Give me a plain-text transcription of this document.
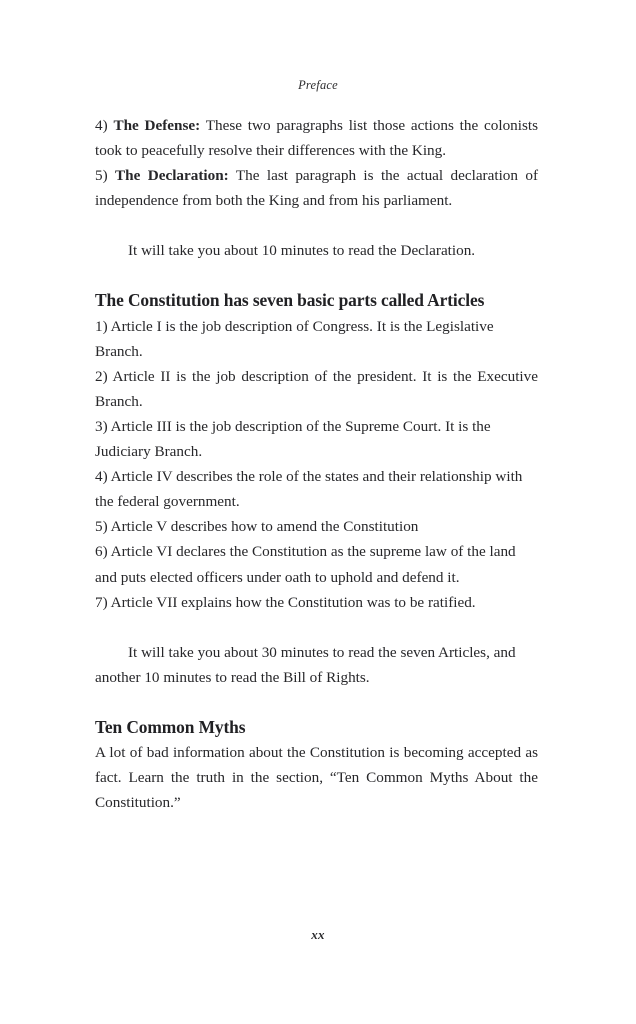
Preface

4) The Defense: These two paragraphs list those actions the colonists took to peacefully resolve their differences with the King.

5) The Declaration: The last paragraph is the actual declaration of independence from both the King and from his parliament.

It will take you about 10 minutes to read the Declaration.

The Constitution has seven basic parts called Articles

1) Article I is the job description of Congress. It is the Legislative Branch.

2) Article II is the job description of the president. It is the Executive Branch.

3) Article III is the job description of the Supreme Court. It is the Judiciary Branch.

4) Article IV describes the role of the states and their relationship with the federal government.

5) Article V describes how to amend the Constitution

6) Article VI declares the Constitution as the supreme law of the land and puts elected officers under oath to uphold and defend it.

7) Article VII explains how the Constitution was to be ratified.

It will take you about 30 minutes to read the seven Articles, and another 10 minutes to read the Bill of Rights.

Ten Common Myths

A lot of bad information about the Constitution is becoming accepted as fact. Learn the truth in the section, “Ten Common Myths About the Constitution.”

xx
